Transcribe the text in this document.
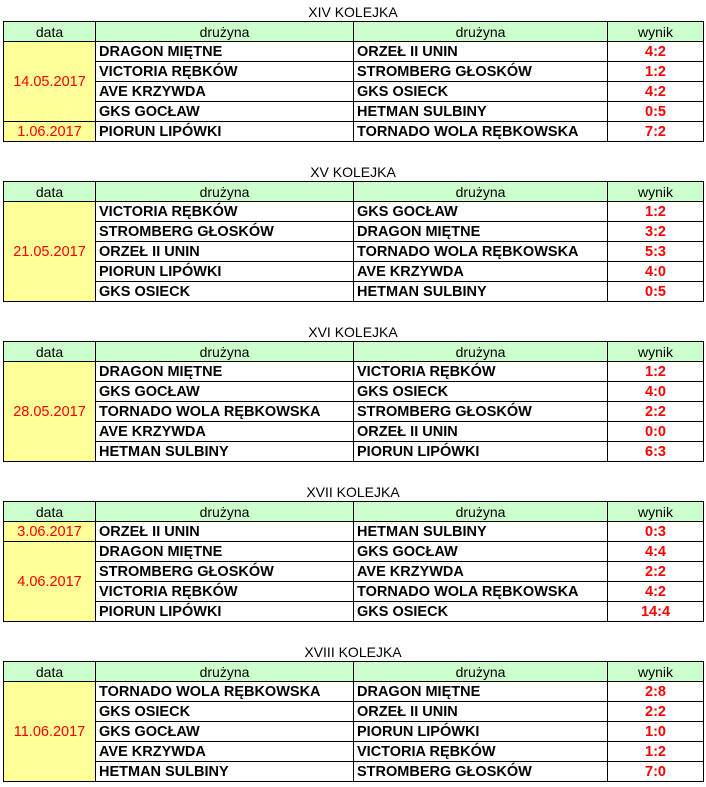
XIV KOLEJKA
data	drużyna	drużyna	wynik
14.05.2017	DRAGON MIĘTNE	ORZEŁ II UNIN	4:2
	VICTORIA RĘBKÓW	STROMBERG GŁOSKÓW	1:2
	AVE KRZYWDA	GKS OSIECK	4:2
	GKS GOCŁAW	HETMAN SULBINY	0:5
1.06.2017	PIORUN LIPÓWKI	TORNADO WOLA RĘBKOWSKA	7:2
XV KOLEJKA
data	drużyna	drużyna	wynik
21.05.2017	VICTORIA RĘBKÓW	GKS GOCŁAW	1:2
	STROMBERG GŁOSKÓW	DRAGON MIĘTNE	3:2
	ORZEŁ II UNIN	TORNADO WOLA RĘBKOWSKA	5:3
	PIORUN LIPÓWKI	AVE KRZYWDA	4:0
	GKS OSIECK	HETMAN SULBINY	0:5
XVI KOLEJKA
data	drużyna	drużyna	wynik
28.05.2017	DRAGON MIĘTNE	VICTORIA RĘBKÓW	1:2
	GKS GOCŁAW	GKS OSIECK	4:0
	TORNADO WOLA RĘBKOWSKA	STROMBERG GŁOSKÓW	2:2
	AVE KRZYWDA	ORZEŁ II UNIN	0:0
	HETMAN SULBINY	PIORUN LIPÓWKI	6:3
XVII KOLEJKA
data	drużyna	drużyna	wynik
3.06.2017	ORZEŁ II UNIN	HETMAN SULBINY	0:3
4.06.2017	DRAGON MIĘTNE	GKS GOCŁAW	4:4
	STROMBERG GŁOSKÓW	AVE KRZYWDA	2:2
	VICTORIA RĘBKÓW	TORNADO WOLA RĘBKOWSKA	4:2
	PIORUN LIPÓWKI	GKS OSIECK	14:4
XVIII KOLEJKA
data	drużyna	drużyna	wynik
11.06.2017	TORNADO WOLA RĘBKOWSKA	DRAGON MIĘTNE	2:8
	GKS OSIECK	ORZEŁ II UNIN	2:2
	GKS GOCŁAW	PIORUN LIPÓWKI	1:0
	AVE KRZYWDA	VICTORIA RĘBKÓW	1:2
	HETMAN SULBINY	STROMBERG GŁOSKÓW	7:0
